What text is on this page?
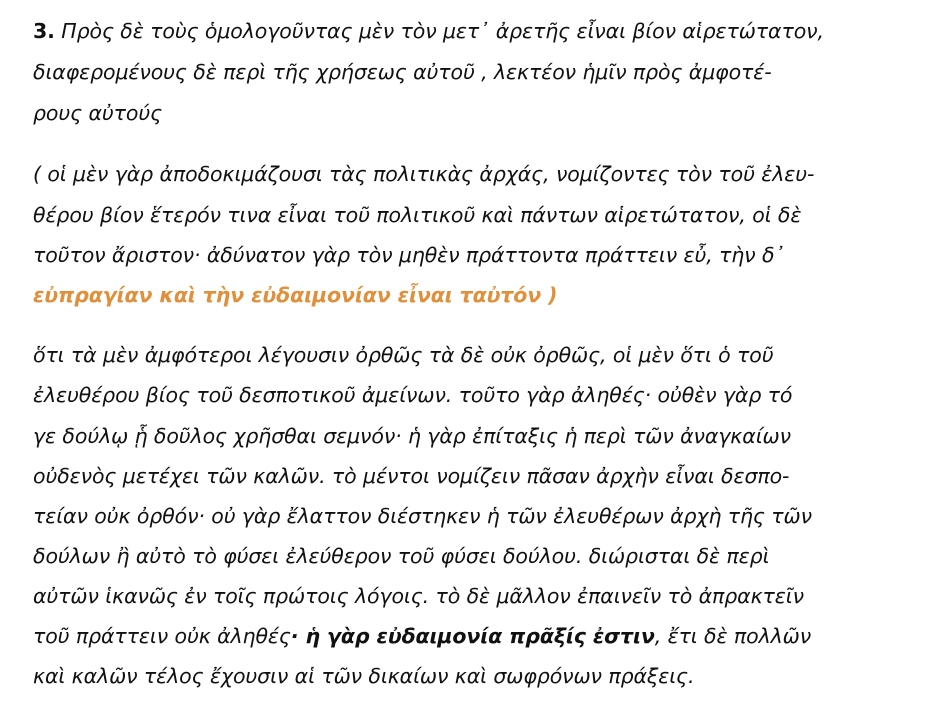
3. Πρὸς δὲ τοὺς ὁμολογοῦντας μὲν τὸν μετ᾽ ἀρετῆς εἶναι βίον αἱρετώτατον,
διαφερομένους δὲ περὶ τῆς χρήσεως αὐτοῦ , λεκτέον ἡμῖν πρὸς ἀμφοτέ-
ρους αὐτούς
( οἱ μὲν γὰρ ἀποδοκιμάζουσι τὰς πολιτικὰς ἀρχάς, νομίζοντες τὸν τοῦ ἐλευ-
θέρου βίον ἕτερόν τινα εἶναι τοῦ πολιτικοῦ καὶ πάντων αἱρετώτατον, οἱ δὲ
τοῦτον ἄριστον· ἀδύνατον γὰρ τὸν μηθὲν πράττοντα πράττειν εὖ, τὴν δ᾽
εὐπραγίαν καὶ τὴν εὐδαιμονίαν εἶναι ταὐτόν )
ὅτι τὰ μὲν ἀμφότεροι λέγουσιν ὀρθῶς τὰ δὲ οὐκ ὀρθῶς, οἱ μὲν ὅτι ὁ τοῦ
ἐλευθέρου βίος τοῦ δεσποτικοῦ ἀμείνων. τοῦτο γὰρ ἀληθές· οὐθὲν γὰρ τό
γε δούλῳ ᾗ δοῦλος χρῆσθαι σεμνόν· ἡ γὰρ ἐπίταξις ἡ περὶ τῶν ἀναγκαίων
οὐδενὸς μετέχει τῶν καλῶν. τὸ μέντοι νομίζειν πᾶσαν ἀρχὴν εἶναι δεσπο-
τείαν οὐκ ὀρθόν· οὐ γὰρ ἔλαττον διέστηκεν ἡ τῶν ἐλευθέρων ἀρχὴ τῆς τῶν
δούλων ἢ αὐτὸ τὸ φύσει ἐλεύθερον τοῦ φύσει δούλου. διώρισται δὲ περὶ
αὐτῶν ἱκανῶς ἐν τοῖς πρώτοις λόγοις. τὸ δὲ μᾶλλον ἐπαινεῖν τὸ ἀπρακτεῖν
τοῦ πράττειν οὐκ ἀληθές· ἡ γὰρ εὐδαιμονία πρᾶξίς ἐστιν, ἔτι δὲ πολλῶν
καὶ καλῶν τέλος ἔχουσιν αἱ τῶν δικαίων καὶ σωφρόνων πράξεις.
